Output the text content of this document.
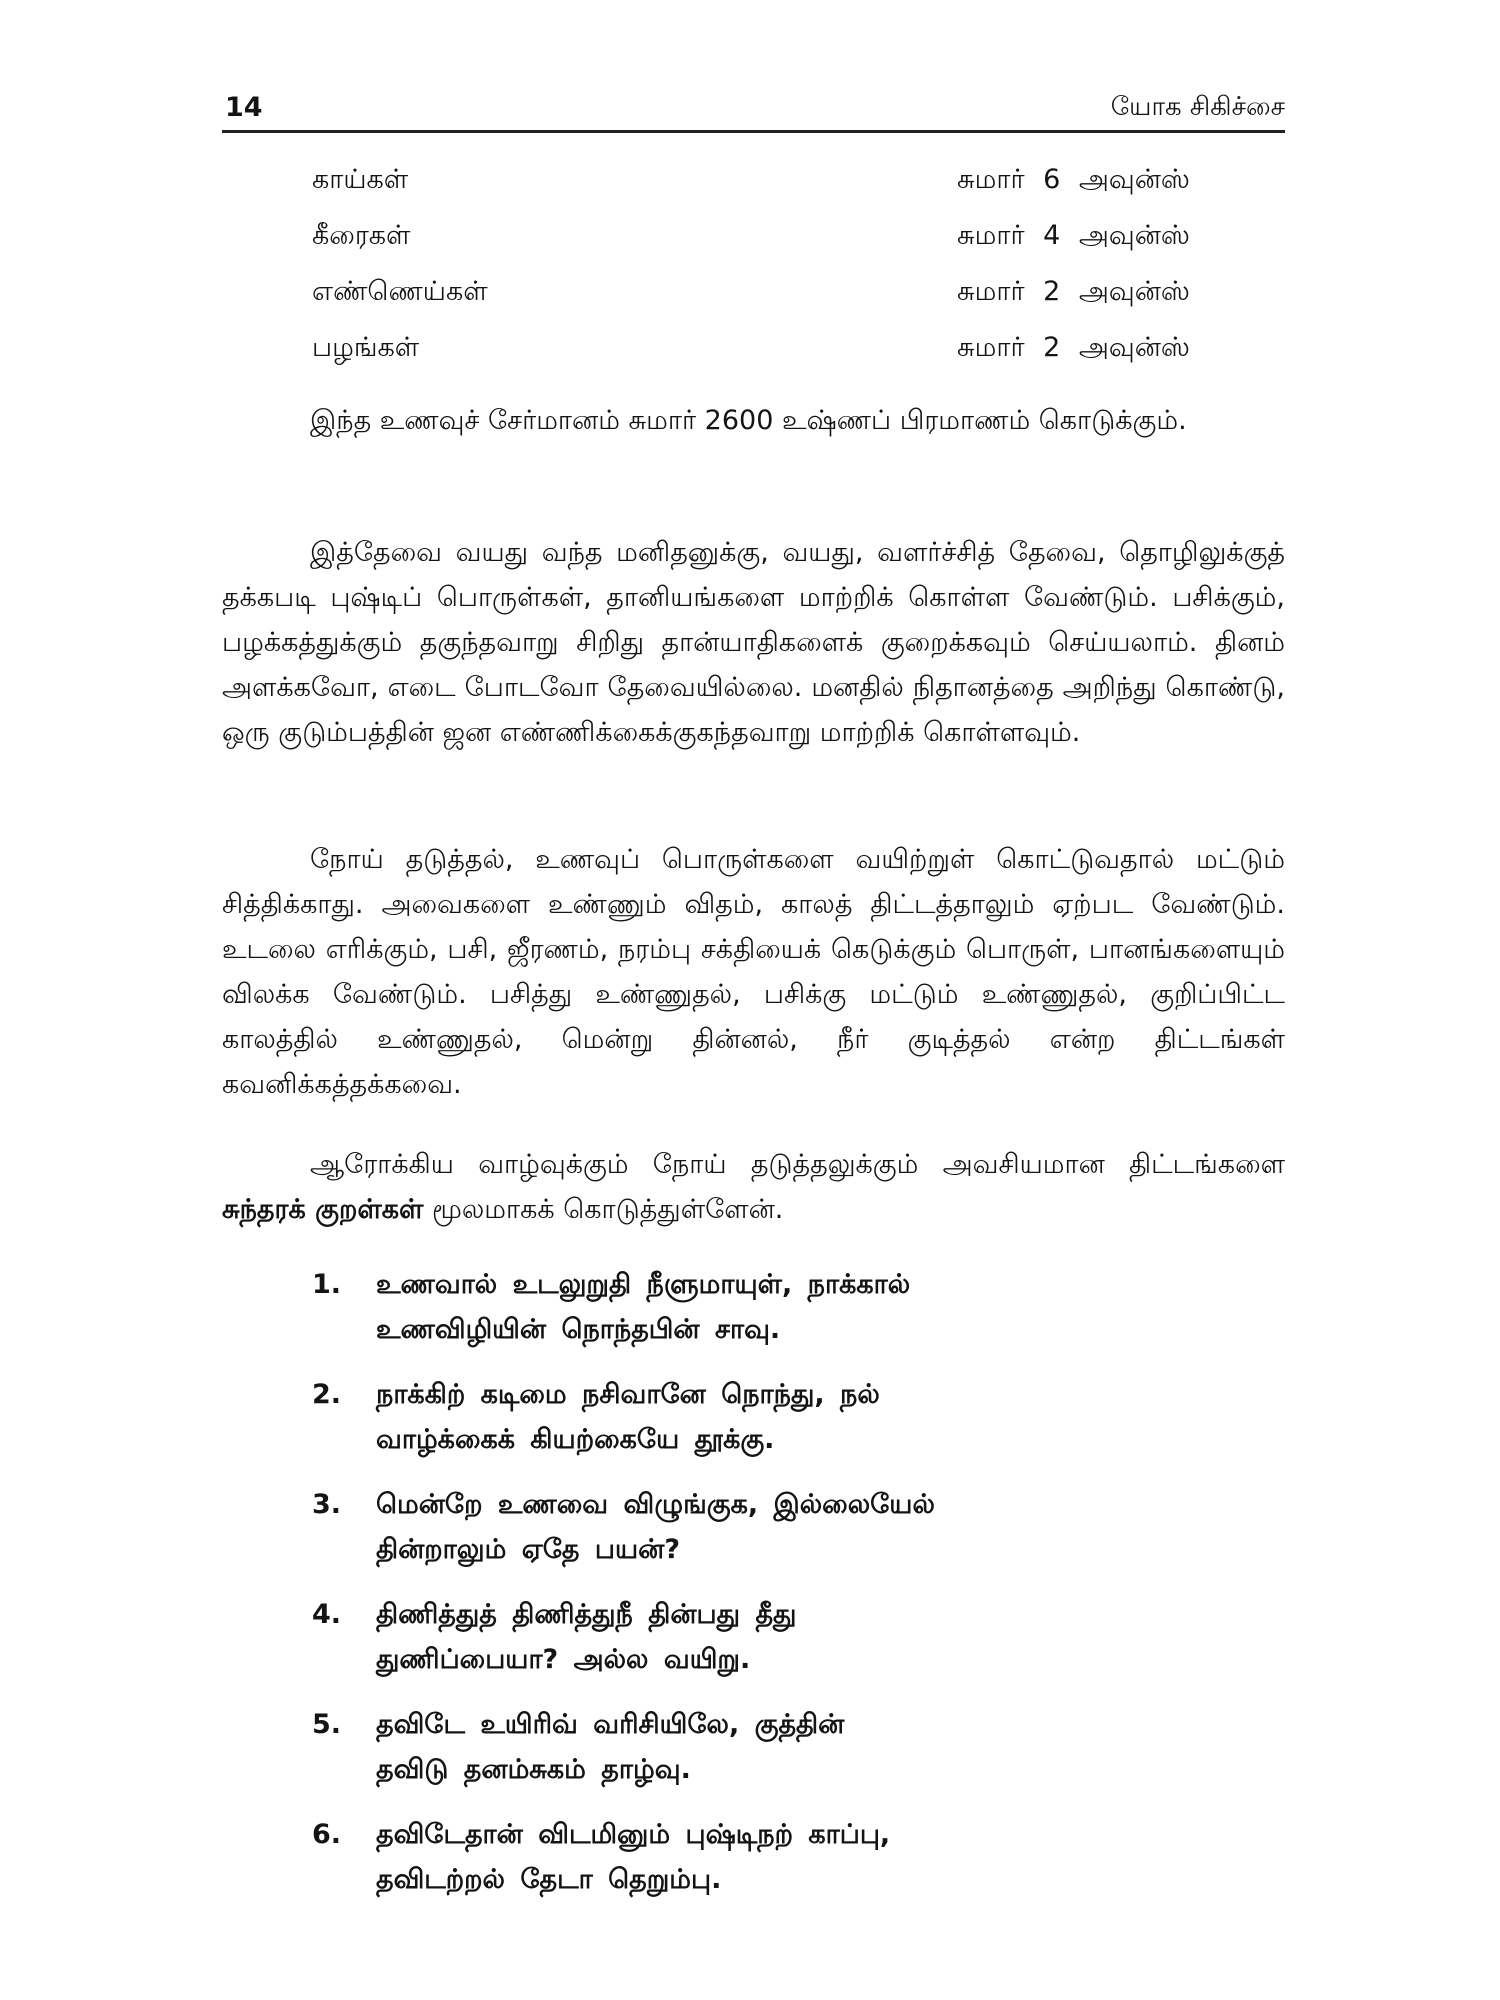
14	யோக சிகிச்சை
காய்கள்	சுமார் 6 அவுன்ஸ்
கீரைகள்	சுமார் 4 அவுன்ஸ்
எண்ணெய்கள்	சுமார் 2 அவுன்ஸ்
பழங்கள்	சுமார் 2 அவுன்ஸ்

இந்த உணவுச் சேர்மானம் சுமார் 2600 உஷ்ணப் பிரமாணம் கொடுக்கும்.

இத்தேவை வயது வந்த மனிதனுக்கு, வயது, வளர்ச்சித் தேவை, தொழிலுக்குத் தக்கபடி புஷ்டிப் பொருள்கள், தானியங்களை மாற்றிக் கொள்ள வேண்டும். பசிக்கும், பழக்கத்துக்கும் தகுந்தவாறு சிறிது தான்யாதிகளைக் குறைக்கவும் செய்யலாம். தினம் அளக்கவோ, எடை போடவோ தேவையில்லை. மனதில் நிதானத்தை அறிந்து கொண்டு, ஒரு குடும்பத்தின் ஜன எண்ணிக்கைக்குகந்தவாறு மாற்றிக் கொள்ளவும்.

நோய் தடுத்தல், உணவுப் பொருள்களை வயிற்றுள் கொட்டுவதால் மட்டும் சித்திக்காது. அவைகளை உண்ணும் விதம், காலத் திட்டத்தாலும் ஏற்பட வேண்டும். உடலை எரிக்கும், பசி, ஜீரணம், நரம்பு சக்தியைக் கெடுக்கும் பொருள், பானங்களையும் விலக்க வேண்டும். பசித்து உண்ணுதல், பசிக்கு மட்டும் உண்ணுதல், குறிப்பிட்ட காலத்தில் உண்ணுதல், மென்று தின்னல், நீர் குடித்தல் என்ற திட்டங்கள் கவனிக்கத்தக்கவை.

ஆரோக்கிய வாழ்வுக்கும் நோய் தடுத்தலுக்கும் அவசியமான திட்டங்களை சுந்தரக் குறள்கள் மூலமாகக் கொடுத்துள்ளேன்.

1.	உணவால் உடலுறுதி நீளுமாயுள், நாக்கால்
உணவிழியின் நொந்தபின் சாவு.
2.	நாக்கிற் கடிமை நசிவானே நொந்து, நல்
வாழ்க்கைக் கியற்கையே தூக்கு.
3.	மென்றே உணவை விழுங்குக, இல்லையேல்
தின்றாலும் ஏதே பயன்?
4.	திணித்துத் திணித்துநீ தின்பது தீது
துணிப்பையா? அல்ல வயிறு.
5.	தவிடே உயிரிவ் வரிசியிலே, குத்தின்
தவிடு தனம்சுகம் தாழ்வு.
6.	தவிடேதான் விடமினும் புஷ்டிநற் காப்பு,
தவிடற்றல் தேடா தெறும்பு.
